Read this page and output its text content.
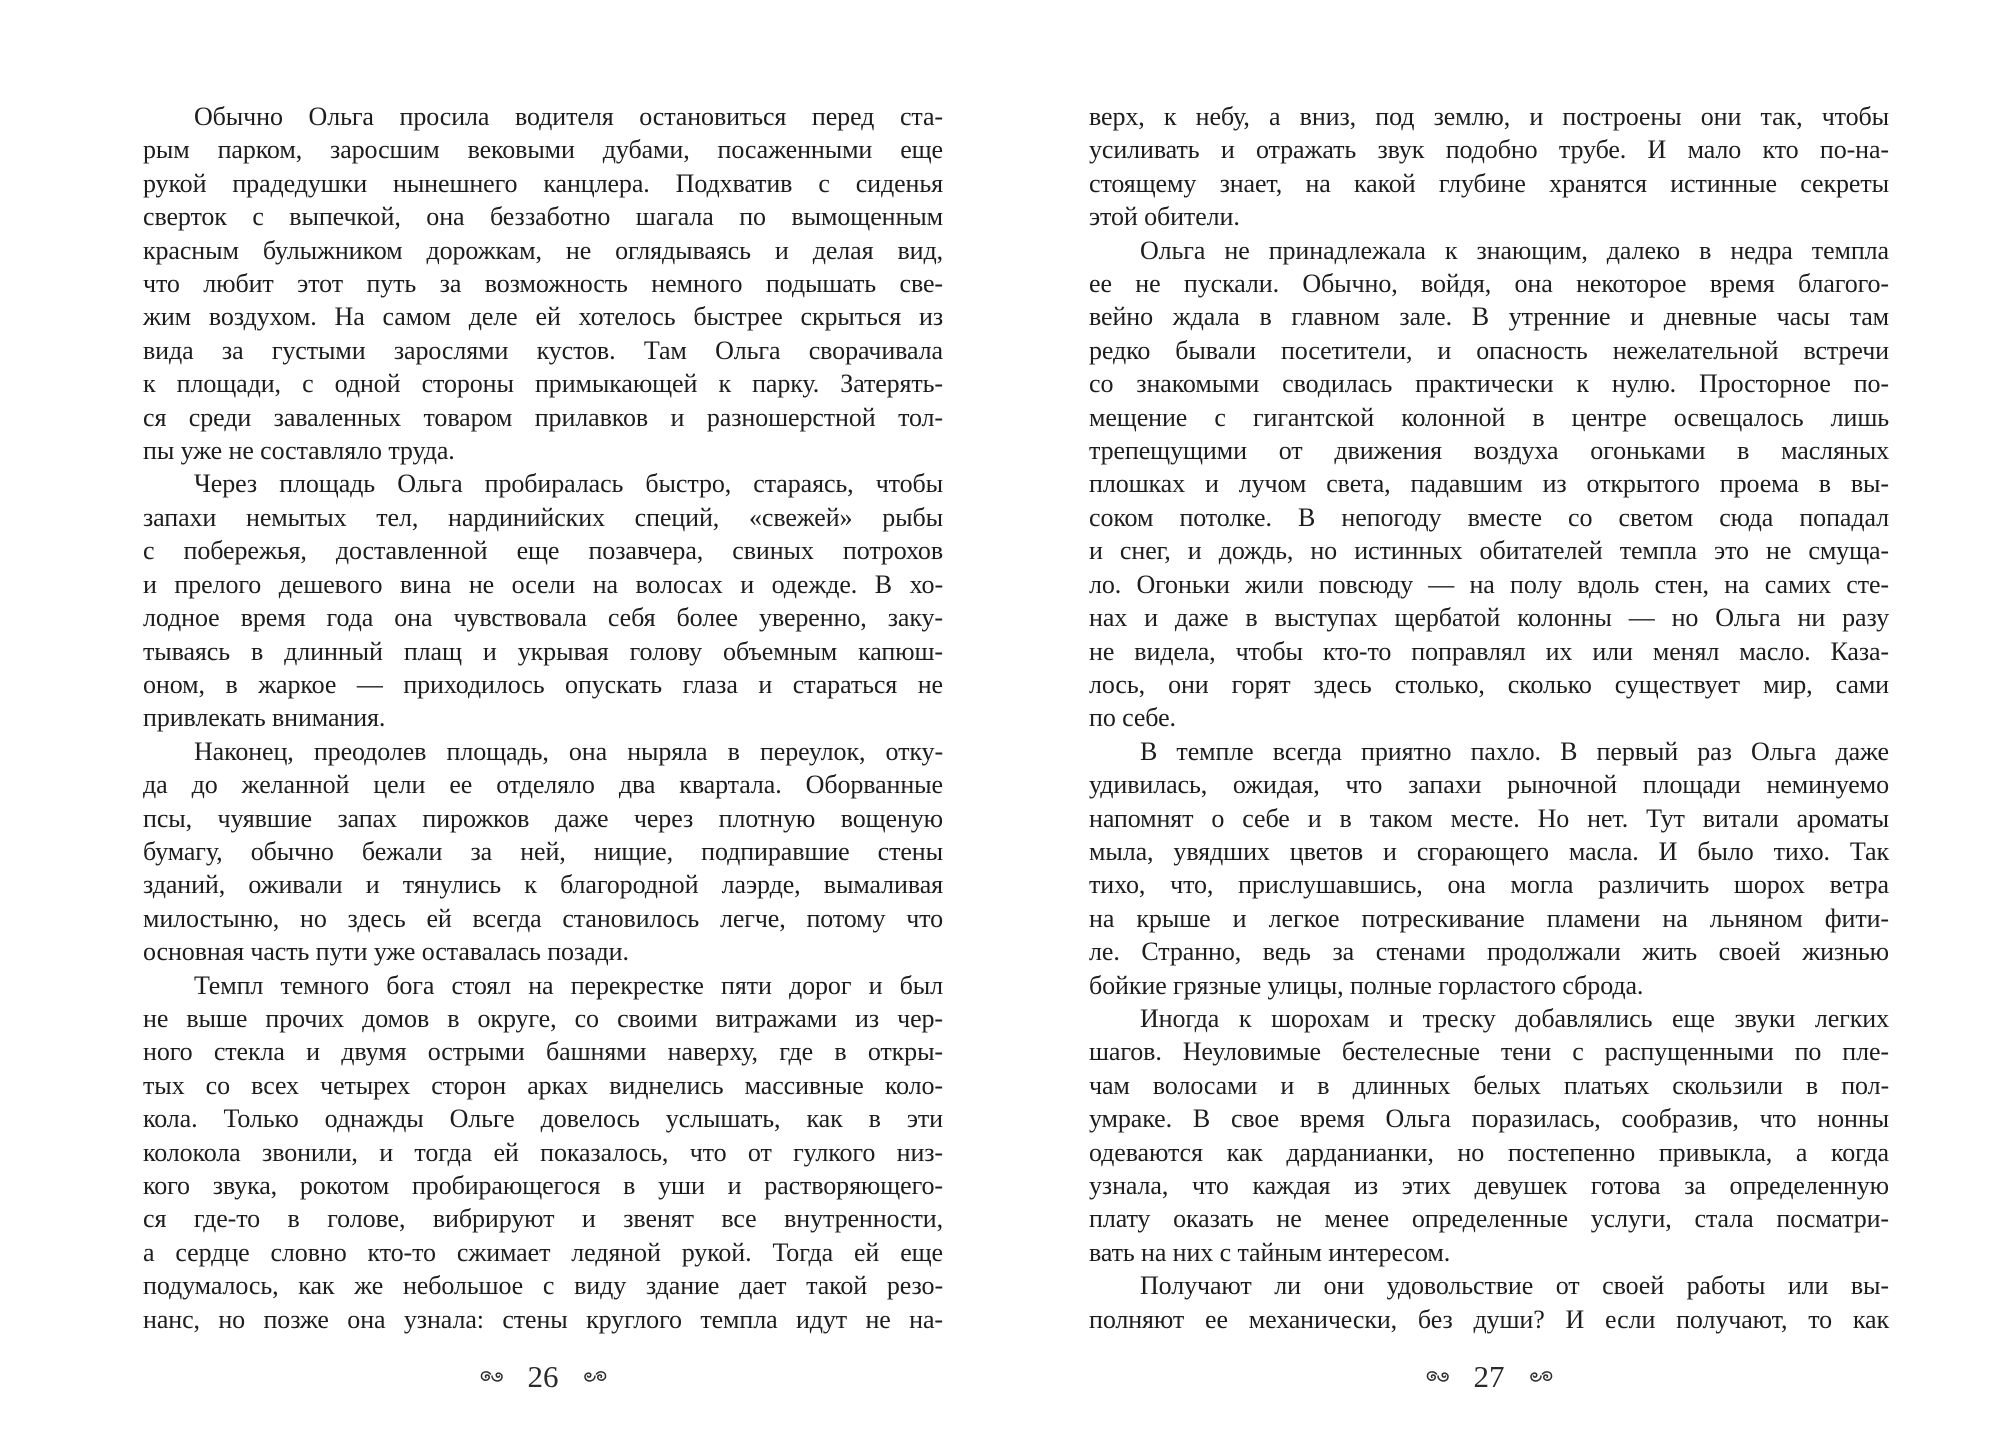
Обычно Ольга просила водителя остановиться перед ста-
рым парком, заросшим вековыми дубами, посаженными еще
рукой прадедушки нынешнего канцлера. Подхватив с сиденья
сверток с выпечкой, она беззаботно шагала по вымощенным
красным булыжником дорожкам, не оглядываясь и делая вид,
что любит этот путь за возможность немного подышать све-
жим воздухом. На самом деле ей хотелось быстрее скрыться из
вида за густыми зарослями кустов. Там Ольга сворачивала
к площади, с одной стороны примыкающей к парку. Затерять-
ся среди заваленных товаром прилавков и разношерстной тол-
пы уже не составляло труда.
Через площадь Ольга пробиралась быстро, стараясь, чтобы
запахи немытых тел, нардинийских специй, «свежей» рыбы
с побережья, доставленной еще позавчера, свиных потрохов
и прелого дешевого вина не осели на волосах и одежде. В хо-
лодное время года она чувствовала себя более уверенно, заку-
тываясь в длинный плащ и укрывая голову объемным капюш-
оном, в жаркое — приходилось опускать глаза и стараться не
привлекать внимания.
Наконец, преодолев площадь, она ныряла в переулок, отку-
да до желанной цели ее отделяло два квартала. Оборванные
псы, чуявшие запах пирожков даже через плотную вощеную
бумагу, обычно бежали за ней, нищие, подпиравшие стены
зданий, оживали и тянулись к благородной лаэрде, вымаливая
милостыню, но здесь ей всегда становилось легче, потому что
основная часть пути уже оставалась позади.
Темпл темного бога стоял на перекрестке пяти дорог и был
не выше прочих домов в округе, со своими витражами из чер-
ного стекла и двумя острыми башнями наверху, где в откры-
тых со всех четырех сторон арках виднелись массивные коло-
кола. Только однажды Ольге довелось услышать, как в эти
колокола звонили, и тогда ей показалось, что от гулкого низ-
кого звука, рокотом пробирающегося в уши и растворяющего-
ся где-то в голове, вибрируют и звенят все внутренности,
а сердце словно кто-то сжимает ледяной рукой. Тогда ей еще
подумалось, как же небольшое с виду здание дает такой резо-
нанс, но позже она узнала: стены круглого темпла идут не на-
верх, к небу, а вниз, под землю, и построены они так, чтобы
усиливать и отражать звук подобно трубе. И мало кто по-на-
стоящему знает, на какой глубине хранятся истинные секреты
этой обители.
Ольга не принадлежала к знающим, далеко в недра темпла
ее не пускали. Обычно, войдя, она некоторое время благого-
вейно ждала в главном зале. В утренние и дневные часы там
редко бывали посетители, и опасность нежелательной встречи
со знакомыми сводилась практически к нулю. Просторное по-
мещение с гигантской колонной в центре освещалось лишь
трепещущими от движения воздуха огоньками в масляных
плошках и лучом света, падавшим из открытого проема в вы-
соком потолке. В непогоду вместе со светом сюда попадал
и снег, и дождь, но истинных обитателей темпла это не смуща-
ло. Огоньки жили повсюду — на полу вдоль стен, на самих сте-
нах и даже в выступах щербатой колонны — но Ольга ни разу
не видела, чтобы кто-то поправлял их или менял масло. Каза-
лось, они горят здесь столько, сколько существует мир, сами
по себе.
В темпле всегда приятно пахло. В первый раз Ольга даже
удивилась, ожидая, что запахи рыночной площади неминуемо
напомнят о себе и в таком месте. Но нет. Тут витали ароматы
мыла, увядших цветов и сгорающего масла. И было тихо. Так
тихо, что, прислушавшись, она могла различить шорох ветра
на крыше и легкое потрескивание пламени на льняном фити-
ле. Странно, ведь за стенами продолжали жить своей жизнью
бойкие грязные улицы, полные горластого сброда.
Иногда к шорохам и треску добавлялись еще звуки легких
шагов. Неуловимые бестелесные тени с распущенными по пле-
чам волосами и в длинных белых платьях скользили в пол-
умраке. В свое время Ольга поразилась, сообразив, что нонны
одеваются как дарданианки, но постепенно привыкла, а когда
узнала, что каждая из этих девушек готова за определенную
плату оказать не менее определенные услуги, стала посматри-
вать на них с тайным интересом.
Получают ли они удовольствие от своей работы или вы-
полняют ее механически, без души? И если получают, то как
26	27
